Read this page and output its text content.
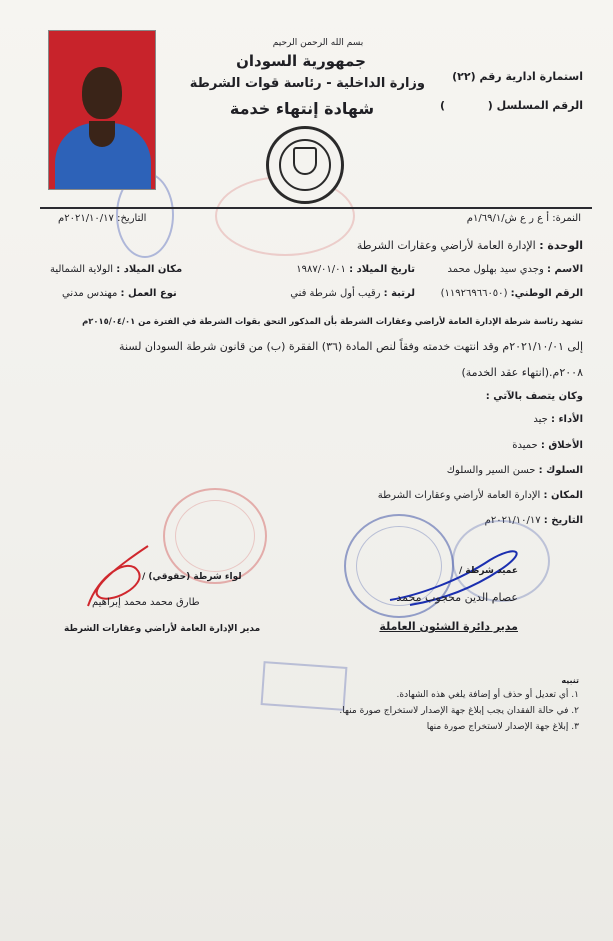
بسم الله الرحمن الرحيم
جمهورية السودان
وزارة الداخلية - رئاسة قوات الشرطة
شهادة إنتهاء خدمة
استمارة ادارية رقم (٢٢)
الرقم المسلسل (
)
النمرة: أ ع ر ع ش/١/٦٩/١م
التاريخ: ٢٠٢١/١٠/١٧م
الوحدة : الإدارة العامة لأراضي وعقارات الشرطة
الاسم : وجدي سيد بهلول محمد
تاريخ الميلاد : ١٩٨٧/٠١/٠١
مكان الميلاد : الولاية الشمالية
الرقم الوطني: (١١٩٢٦٩٦٦٠٥٠)
لرتبة : رقيب أول شرطة فني
نوع العمل : مهندس مدني
تشهد رئاسة شرطة الإدارة العامة لأراضي وعقارات الشرطة بأن المذكور التحق بقوات الشرطة في الفترة من ٢٠١٥/٠٤/٠١م
إلى ٢٠٢١/١٠/٠١م وقد انتهت خدمته وفقاً لنص المادة (٣٦) الفقرة (ب) من قانون شرطة السودان لسنة
٢٠٠٨م.(انتهاء عقد الخدمة)
وكان يتصف بالآتي :
الأداء : جيد
الأخلاق : حميدة
السلوك : حسن السير والسلوك
المكان : الإدارة العامة لأراضي وعقارات الشرطة
التاريخ : ٢٠٢١/١٠/١٧م
عميد شرطة /
عصام الدين محجوب محمد
مدير دائرة الشئون العاملة
لواء شرطة (حقوقي) /
طارق محمد محمد إبراهيم
مدير الإدارة العامة لأراضي وعقارات الشرطة
تنبيه
١. أي تعديل أو حذف أو إضافة يلغي هذه الشهادة.
٢. في حالة الفقدان يجب إبلاغ جهة الإصدار لاستخراج صورة منها.
٣. إبلاغ جهة الإصدار لاستخراج صورة منها
